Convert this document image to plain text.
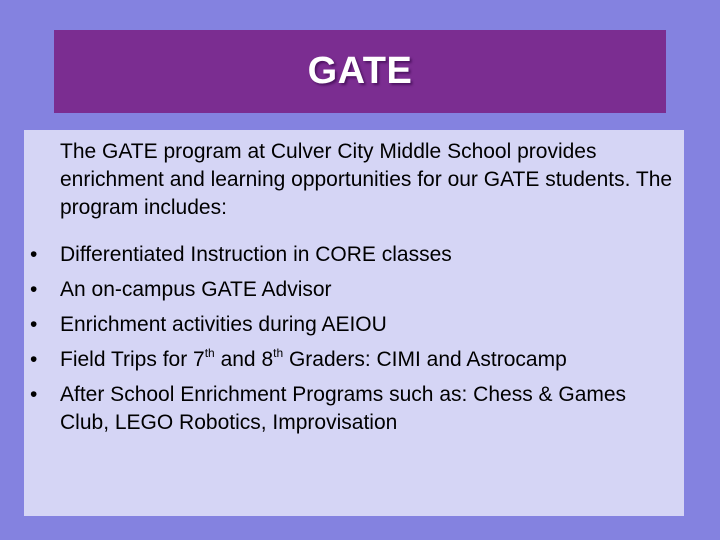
GATE

The GATE program at Culver City Middle School provides enrichment and learning opportunities for our GATE students. The program includes:

• Differentiated Instruction in CORE classes
• An on-campus GATE Advisor
• Enrichment activities during AEIOU
• Field Trips for 7th and 8th Graders: CIMI and Astrocamp
• After School Enrichment Programs such as: Chess & Games Club, LEGO Robotics, Improvisation
